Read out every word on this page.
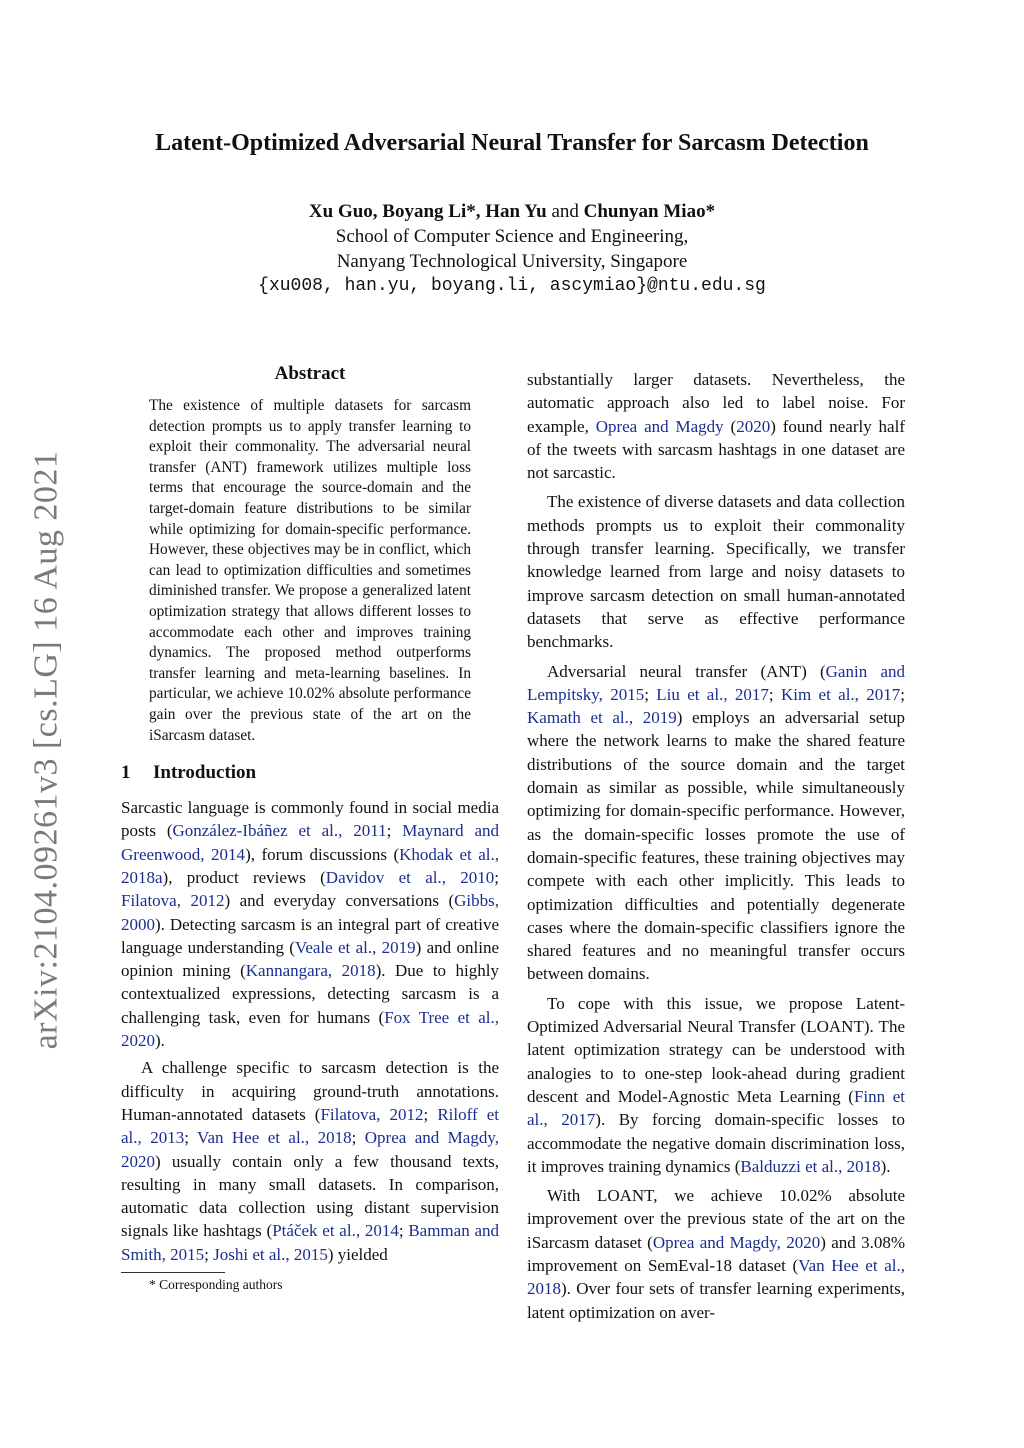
arXiv:2104.09261v3 [cs.LG] 16 Aug 2021
Latent-Optimized Adversarial Neural Transfer for Sarcasm Detection
Xu Guo, Boyang Li*, Han Yu and Chunyan Miao*
School of Computer Science and Engineering,
Nanyang Technological University, Singapore
{xu008, han.yu, boyang.li, ascymiao}@ntu.edu.sg
Abstract

The existence of multiple datasets for sarcasm detection prompts us to apply transfer learning to exploit their commonality. The adversarial neural transfer (ANT) framework utilizes multiple loss terms that encourage the source-domain and the target-domain feature distributions to be similar while optimizing for domain-specific performance. However, these objectives may be in conflict, which can lead to optimization difficulties and sometimes diminished transfer. We propose a generalized latent optimization strategy that allows different losses to accommodate each other and improves training dynamics. The proposed method outperforms transfer learning and meta-learning baselines. In particular, we achieve 10.02% absolute performance gain over the previous state of the art on the iSarcasm dataset.

1 Introduction

Sarcastic language is commonly found in social media posts (González-Ibáñez et al., 2011; Maynard and Greenwood, 2014), forum discussions (Khodak et al., 2018a), product reviews (Davidov et al., 2010; Filatova, 2012) and everyday conversations (Gibbs, 2000). Detecting sarcasm is an integral part of creative language understanding (Veale et al., 2019) and online opinion mining (Kannangara, 2018). Due to highly contextualized expressions, detecting sarcasm is a challenging task, even for humans (Fox Tree et al., 2020).

A challenge specific to sarcasm detection is the difficulty in acquiring ground-truth annotations. Human-annotated datasets (Filatova, 2012; Riloff et al., 2013; Van Hee et al., 2018; Oprea and Magdy, 2020) usually contain only a few thousand texts, resulting in many small datasets. In comparison, automatic data collection using distant supervision signals like hashtags (Ptáček et al., 2014; Bamman and Smith, 2015; Joshi et al., 2015) yielded

* Corresponding authors

substantially larger datasets. Nevertheless, the automatic approach also led to label noise. For example, Oprea and Magdy (2020) found nearly half of the tweets with sarcasm hashtags in one dataset are not sarcastic.

The existence of diverse datasets and data collection methods prompts us to exploit their commonality through transfer learning. Specifically, we transfer knowledge learned from large and noisy datasets to improve sarcasm detection on small human-annotated datasets that serve as effective performance benchmarks.

Adversarial neural transfer (ANT) (Ganin and Lempitsky, 2015; Liu et al., 2017; Kim et al., 2017; Kamath et al., 2019) employs an adversarial setup where the network learns to make the shared feature distributions of the source domain and the target domain as similar as possible, while simultaneously optimizing for domain-specific performance. However, as the domain-specific losses promote the use of domain-specific features, these training objectives may compete with each other implicitly. This leads to optimization difficulties and potentially degenerate cases where the domain-specific classifiers ignore the shared features and no meaningful transfer occurs between domains.

To cope with this issue, we propose Latent-Optimized Adversarial Neural Transfer (LOANT). The latent optimization strategy can be understood with analogies to to one-step look-ahead during gradient descent and Model-Agnostic Meta Learning (Finn et al., 2017). By forcing domain-specific losses to accommodate the negative domain discrimination loss, it improves training dynamics (Balduzzi et al., 2018).

With LOANT, we achieve 10.02% absolute improvement over the previous state of the art on the iSarcasm dataset (Oprea and Magdy, 2020) and 3.08% improvement on SemEval-18 dataset (Van Hee et al., 2018). Over four sets of transfer learning experiments, latent optimization on aver-
